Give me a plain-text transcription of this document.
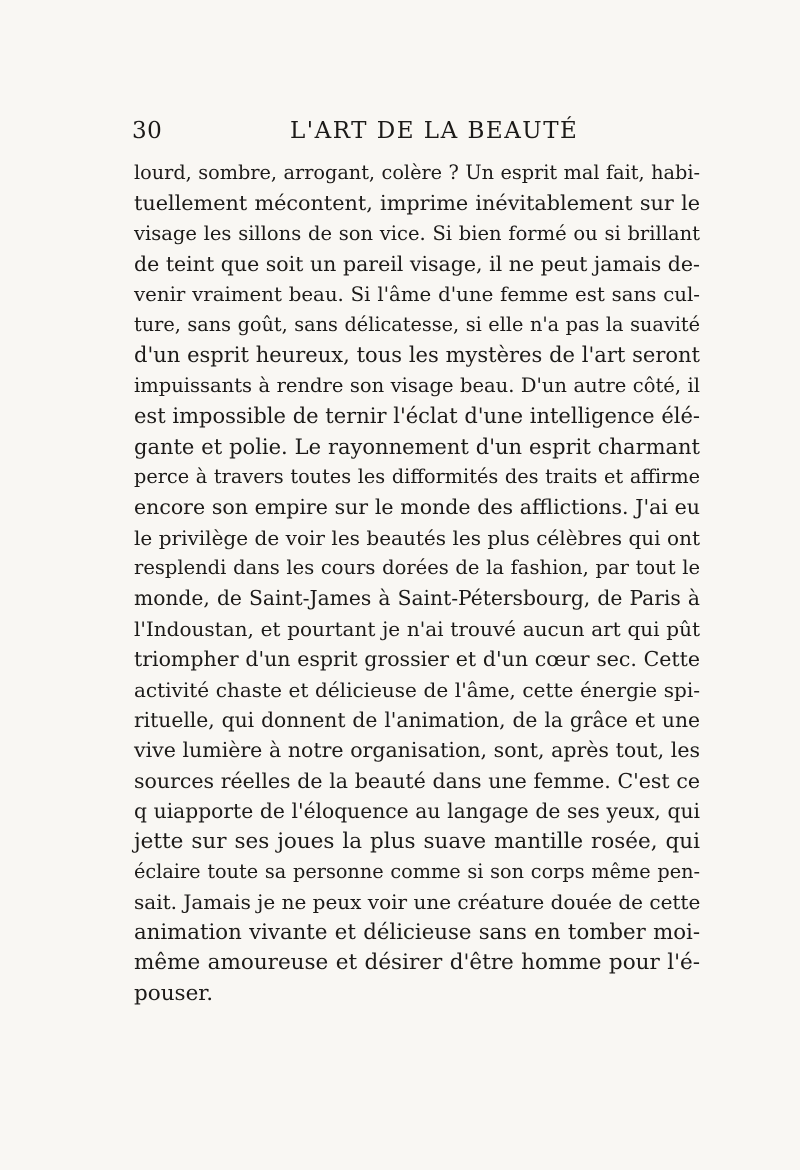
30	L'ART DE LA BEAUTÉ
lourd, sombre, arrogant, colère ? Un esprit mal fait, habi-
tuellement mécontent, imprime inévitablement sur le
visage les sillons de son vice. Si bien formé ou si brillant
de teint que soit un pareil visage, il ne peut jamais de-
venir vraiment beau. Si l'âme d'une femme est sans cul-
ture, sans goût, sans délicatesse, si elle n'a pas la suavité
d'un esprit heureux, tous les mystères de l'art seront
impuissants à rendre son visage beau. D'un autre côté, il
est impossible de ternir l'éclat d'une intelligence élé-
gante et polie. Le rayonnement d'un esprit charmant
perce à travers toutes les difformités des traits et affirme
encore son empire sur le monde des afflictions. J'ai eu
le privilège de voir les beautés les plus célèbres qui ont
resplendi dans les cours dorées de la fashion, par tout le
monde, de Saint-James à Saint-Pétersbourg, de Paris à
l'Indoustan, et pourtant je n'ai trouvé aucun art qui pût
triompher d'un esprit grossier et d'un cœur sec. Cette
activité chaste et délicieuse de l'âme, cette énergie spi-
rituelle, qui donnent de l'animation, de la grâce et une
vive lumière à notre organisation, sont, après tout, les
sources réelles de la beauté dans une femme. C'est ce
q uiapporte de l'éloquence au langage de ses yeux, qui
jette sur ses joues la plus suave mantille rosée, qui
éclaire toute sa personne comme si son corps même pen-
sait. Jamais je ne peux voir une créature douée de cette
animation vivante et délicieuse sans en tomber moi-
même amoureuse et désirer d'être homme pour l'é-
pouser.
